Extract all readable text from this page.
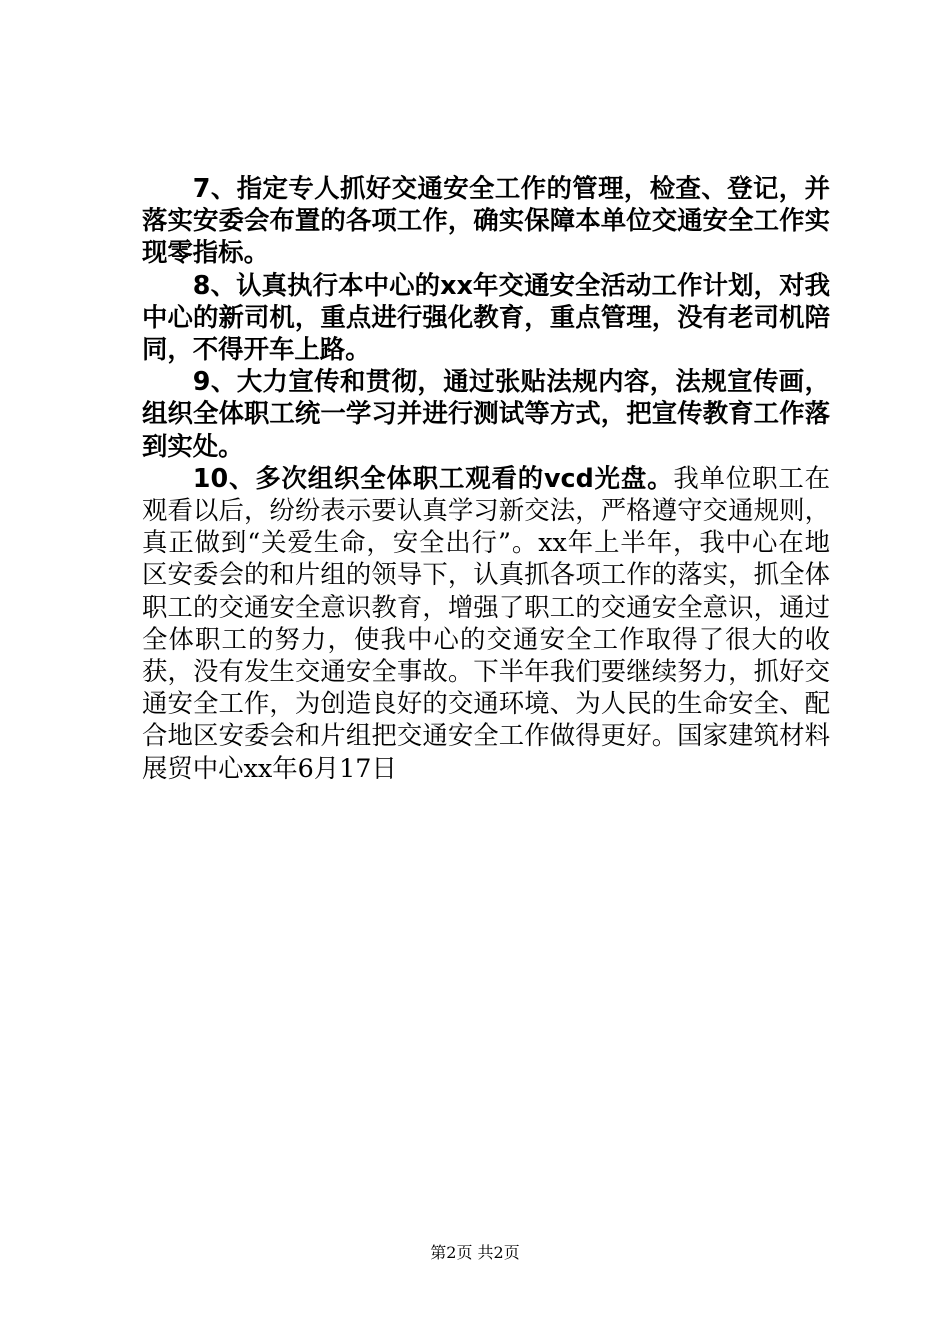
7、指定专人抓好交通安全工作的管理，检查、登记，并落实安委会布置的各项工作，确实保障本单位交通安全工作实现零指标。

8、认真执行本中心的xx年交通安全活动工作计划，对我中心的新司机，重点进行强化教育，重点管理，没有老司机陪同，不得开车上路。

9、大力宣传和贯彻，通过张贴法规内容，法规宣传画，组织全体职工统一学习并进行测试等方式，把宣传教育工作落到实处。

10、多次组织全体职工观看的vcd光盘。我单位职工在观看以后，纷纷表示要认真学习新交法，严格遵守交通规则，真正做到“关爱生命，安全出行”。xx年上半年，我中心在地区安委会的和片组的领导下，认真抓各项工作的落实，抓全体职工的交通安全意识教育，增强了职工的交通安全意识，通过全体职工的努力，使我中心的交通安全工作取得了很大的收获，没有发生交通安全事故。下半年我们要继续努力，抓好交通安全工作，为创造良好的交通环境、为人民的生命安全、配合地区安委会和片组把交通安全工作做得更好。国家建筑材料展贸中心xx年6月17日

第2页 共2页
